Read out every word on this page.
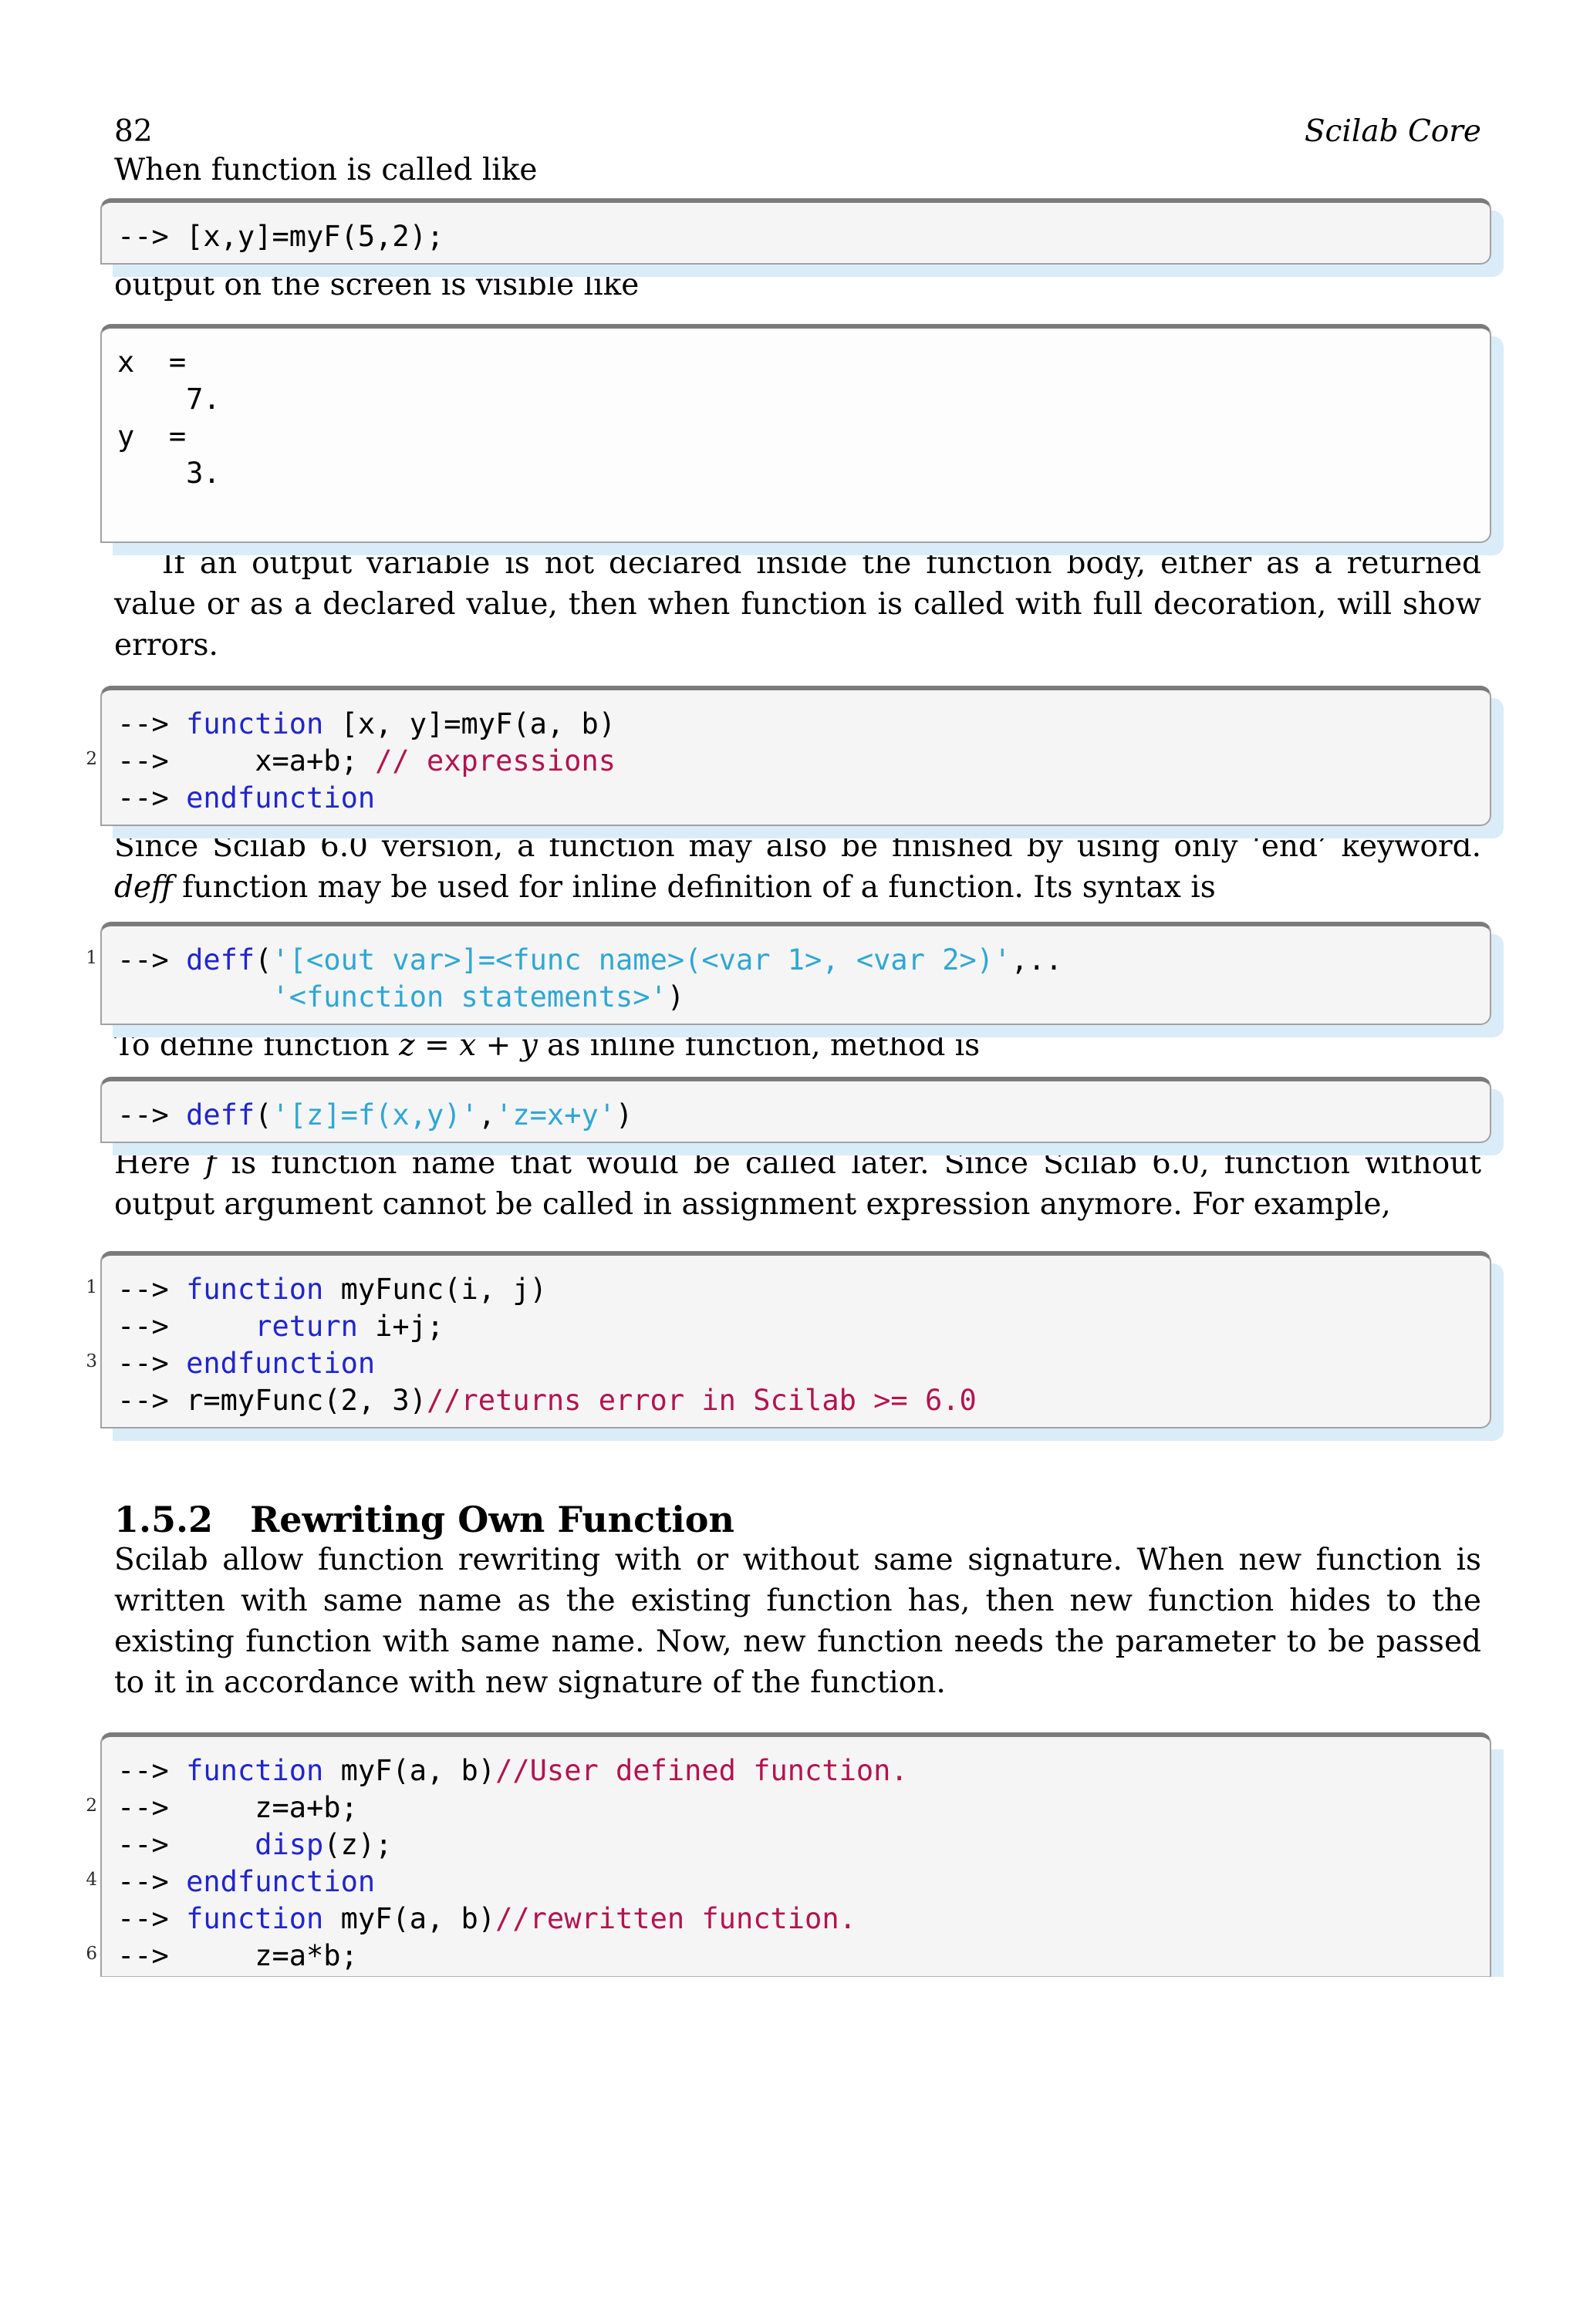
82	Scilab Core

When function is called like

--> [x,y]=myF(5,2);

output on the screen is visible like

x  =
7.
y  =
3.

If an output variable is not declared inside the function body, either as a returned value or as a declared value, then when function is called with full decoration, will show errors.

--> function [x, y]=myF(a, b)
2 -->     x=a+b; // expressions
--> endfunction

Since Scilab 6.0 version, a function may also be finished by using only ‘end’ keyword. deff function may be used for inline definition of a function. Its syntax is

1 --> deff('[<out var>]=<func name>(<var 1>, <var 2>)',..
'<function statements>')

To define function z = x + y as inline function, method is

--> deff('[z]=f(x,y)','z=x+y')

Here f is function name that would be called later. Since Scilab 6.0, function without output argument cannot be called in assignment expression anymore. For example,

1 --> function myFunc(i, j)
-->     return i+j;
3 --> endfunction
--> r=myFunc(2, 3)//returns error in Scilab >= 6.0
1.5.2 Rewriting Own Function

Scilab allow function rewriting with or without same signature. When new function is written with same name as the existing function has, then new function hides to the existing function with same name. Now, new function needs the parameter to be passed to it in accordance with new signature of the function.

--> function myF(a, b)//User defined function.
2 -->     z=a+b;
-->     disp(z);
4 --> endfunction
--> function myF(a, b)//rewritten function.
6 -->     z=a*b;
